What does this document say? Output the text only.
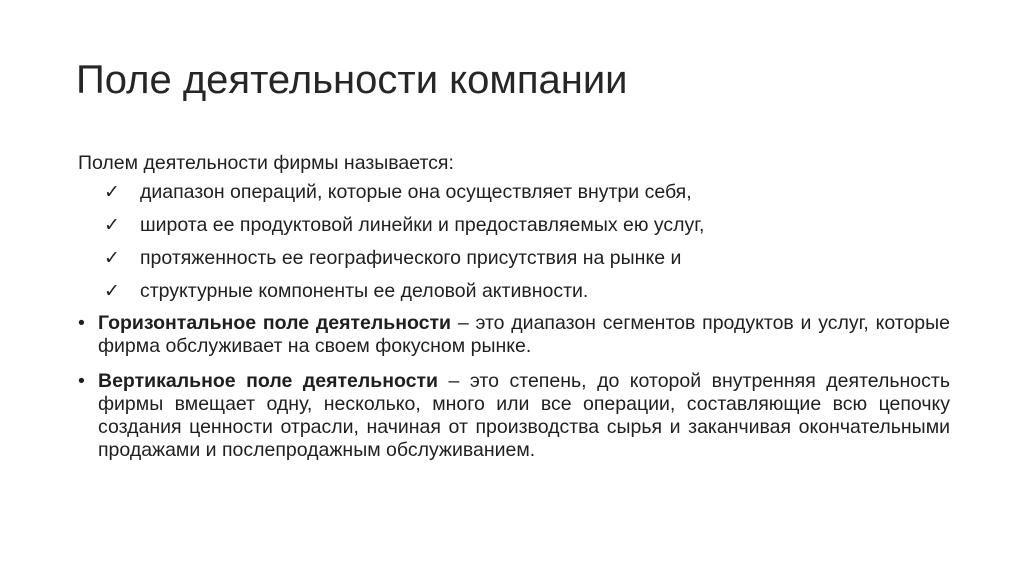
Поле деятельности компании

Полем деятельности фирмы называется:

✓ диапазон операций, которые она осуществляет внутри себя,
✓ широта ее продуктовой линейки и предоставляемых ею услуг,
✓ протяженность ее географического присутствия на рынке и
✓ структурные компоненты ее деловой активности.
• Горизонтальное поле деятельности – это диапазон сегментов продуктов и услуг, которые фирма обслуживает на своем фокусном рынке.
• Вертикальное поле деятельности – это степень, до которой внутренняя деятельность фирмы вмещает одну, несколько, много или все операции, составляющие всю цепочку создания ценности отрасли, начиная от производства сырья и заканчивая окончательными продажами и послепродажным обслуживанием.
